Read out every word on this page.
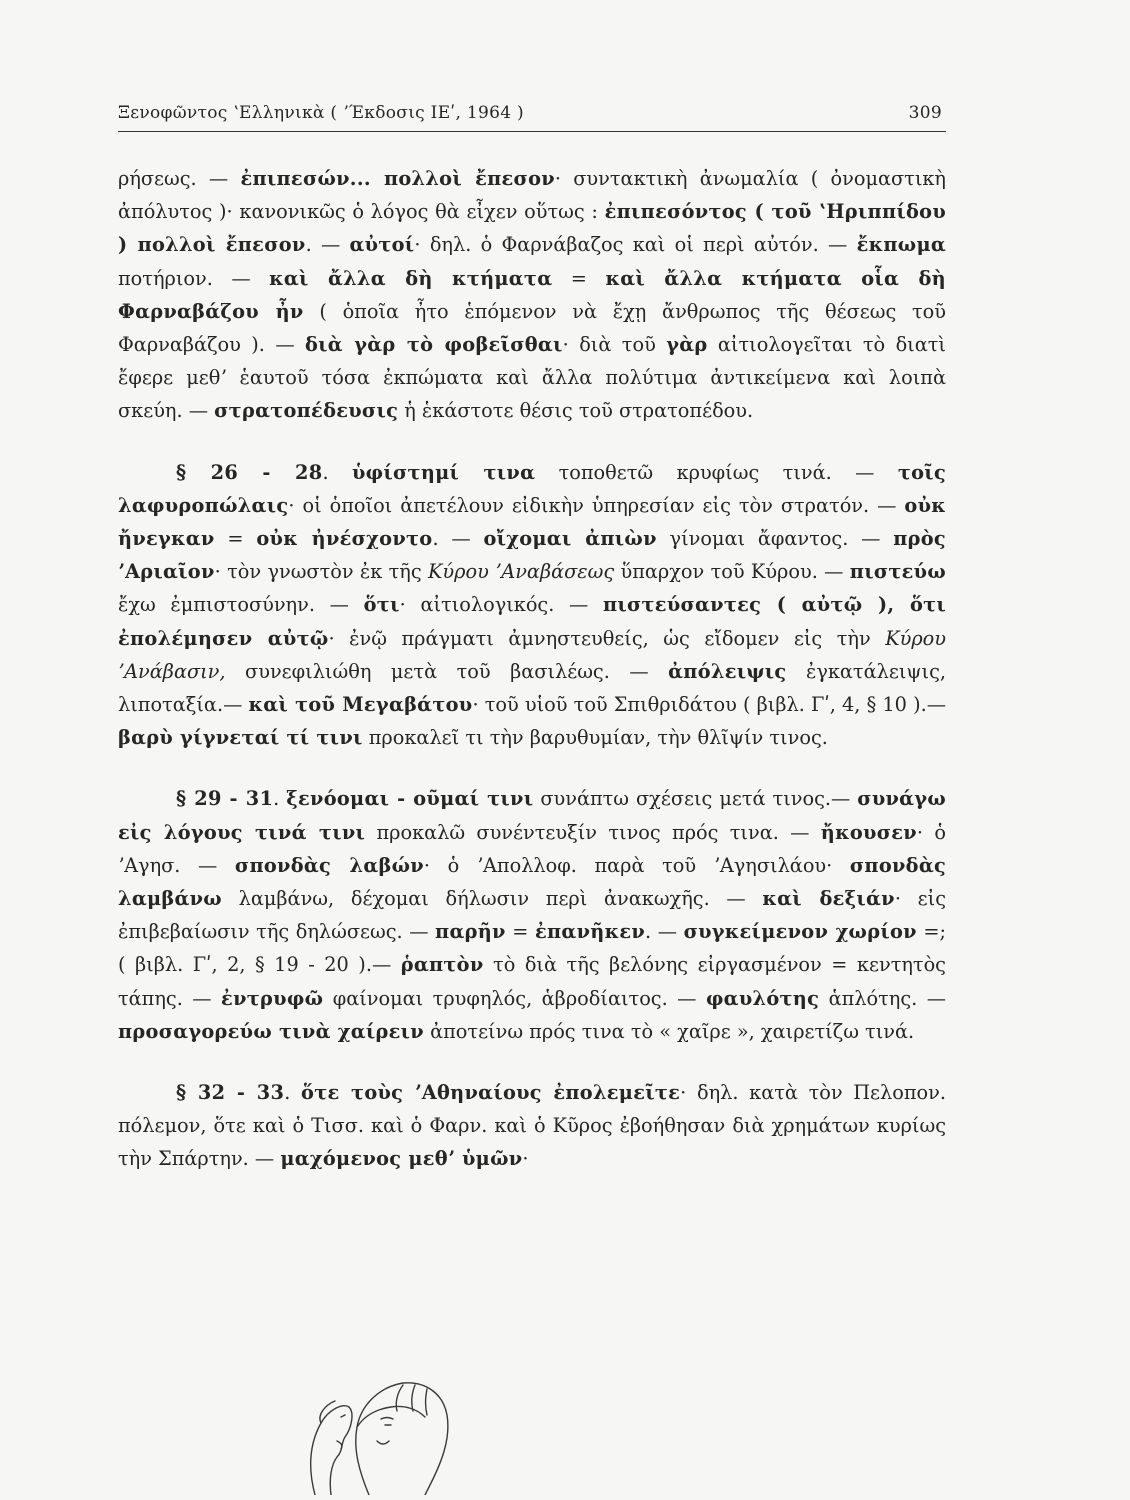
Ξενοφῶντος ʽΕλληνικὰ ( ʼΈκδοσις ΙΕʹ, 1964 )	309

ρήσεως. — ἐπιπεσών... πολλοὶ ἔπεσον· συντακτικὴ ἀνωμαλία ( ὀνομαστικὴ ἀπόλυτος )· κανονικῶς ὁ λόγος θὰ εἶχεν οὕτως : ἐπιπεσόντος ( τοῦ ʽΗριππίδου ) πολλοὶ ἔπεσον. — αὐτοί· δηλ. ὁ Φαρνάβαζος καὶ οἱ περὶ αὐτόν. — ἔκπωμα ποτήριον. — καὶ ἄλλα δὴ κτήματα = καὶ ἄλλα κτήματα οἷα δὴ Φαρναβάζου ἦν ( ὁποῖα ἦτο ἑπόμενον νὰ ἔχῃ ἄνθρωπος τῆς θέσεως τοῦ Φαρναβάζου ). — διὰ γὰρ τὸ φοβεῖσθαι· διὰ τοῦ γὰρ αἰτιολογεῖται τὸ διατὶ ἔφερε μεθʼ ἑαυτοῦ τόσα ἐκπώματα καὶ ἄλλα πολύτιμα ἀντικείμενα καὶ λοιπὰ σκεύη. — στρατοπέδευσις ἡ ἑκάστοτε θέσις τοῦ στρατοπέδου.

§ 26 - 28. ὑφίστημί τινα τοποθετῶ κρυφίως τινά. — τοῖς λαφυροπώλαις· οἱ ὁποῖοι ἀπετέλουν εἰδικὴν ὑπηρεσίαν εἰς τὸν στρατόν. — οὐκ ἤνεγκαν = οὐκ ἠνέσχοντο. — οἴχομαι ἀπιὼν γίνομαι ἄφαντος. — πρὸς ʼΑριαῖον· τὸν γνωστὸν ἐκ τῆς Κύρου ʼΑναβάσεως ὕπαρχον τοῦ Κύρου. — πιστεύω ἔχω ἐμπιστοσύνην. — ὅτι· αἰτιολογικός. — πιστεύσαντες ( αὐτῷ ), ὅτι ἐπολέμησεν αὐτῷ· ἐνῷ πράγματι ἀμνηστευθείς, ὡς εἴδομεν εἰς τὴν Κύρου ʼΑνάβασιν, συνεφιλιώθη μετὰ τοῦ βασιλέως. — ἀπόλειψις ἐγκατάλειψις, λιποταξία.— καὶ τοῦ Μεγαβάτου· τοῦ υἱοῦ τοῦ Σπιθριδάτου ( βιβλ. Γʹ, 4, § 10 ).— βαρὺ γίγνεταί τί τινι προκαλεῖ τι τὴν βαρυθυμίαν, τὴν θλῖψίν τινος.

§ 29 - 31. ξενόομαι - οῦμαί τινι συνάπτω σχέσεις μετά τινος.— συνάγω εἰς λόγους τινά τινι προκαλῶ συνέντευξίν τινος πρός τινα. — ἤκουσεν· ὁ ʼΑγησ. — σπονδὰς λαβών· ὁ ʼΑπολλοφ. παρὰ τοῦ ʼΑγησιλάου· σπονδὰς λαμβάνω λαμβάνω, δέχομαι δήλωσιν περὶ ἀνακωχῆς. — καὶ δεξιάν· εἰς ἐπιβεβαίωσιν τῆς δηλώσεως. — παρῆν = ἐπανῆκεν. — συγκείμενον χωρίον =; ( βιβλ. Γʹ, 2, § 19 - 20 ).— ῥαπτὸν τὸ διὰ τῆς βελόνης εἰργασμένον = κεντητὸς τάπης. — ἐντρυφῶ φαίνομαι τρυφηλός, ἁβροδίαιτος. — φαυλότης ἁπλότης. — προσαγορεύω τινὰ χαίρειν ἀποτείνω πρός τινα τὸ « χαῖρε », χαιρετίζω τινά.

§ 32 - 33. ὅτε τοὺς ʼΑθηναίους ἐπολεμεῖτε· δηλ. κατὰ τὸν Πελοπον. πόλεμον, ὅτε καὶ ὁ Τισσ. καὶ ὁ Φαρν. καὶ ὁ Κῦρος ἐβοήθησαν διὰ χρημάτων κυρίως τὴν Σπάρτην. — μαχόμενος μεθʼ ὑμῶν·
